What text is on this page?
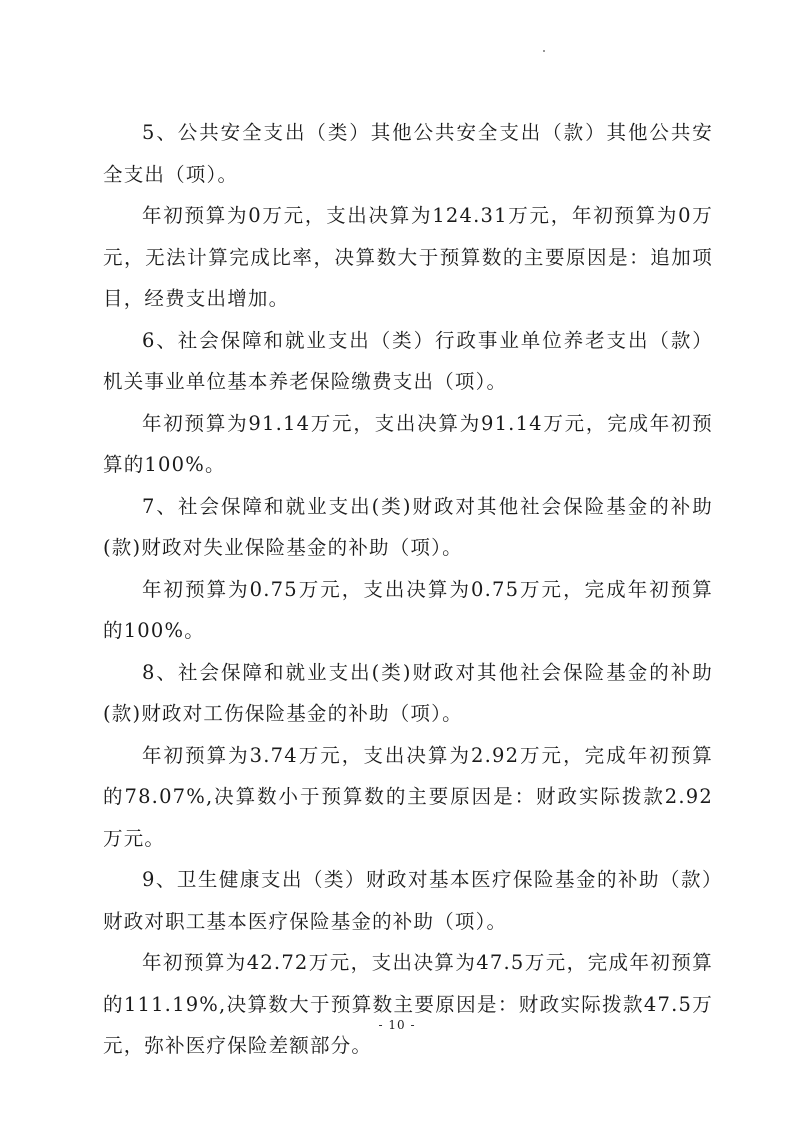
5、公共安全支出（类）其他公共安全支出（款）其他公共安全支出（项）。

年初预算为0万元，支出决算为124.31万元，年初预算为0万元，无法计算完成比率，决算数大于预算数的主要原因是：追加项目，经费支出增加。

6、社会保障和就业支出（类）行政事业单位养老支出（款）机关事业单位基本养老保险缴费支出（项）。

年初预算为91.14万元，支出决算为91.14万元，完成年初预算的100%。

7、社会保障和就业支出(类)财政对其他社会保险基金的补助(款)财政对失业保险基金的补助（项）。

年初预算为0.75万元，支出决算为0.75万元，完成年初预算的100%。

8、社会保障和就业支出(类)财政对其他社会保险基金的补助(款)财政对工伤保险基金的补助（项）。

年初预算为3.74万元，支出决算为2.92万元，完成年初预算的78.07%,决算数小于预算数的主要原因是：财政实际拨款2.92万元。

9、卫生健康支出（类）财政对基本医疗保险基金的补助（款）财政对职工基本医疗保险基金的补助（项）。

年初预算为42.72万元，支出决算为47.5万元，完成年初预算的111.19%,决算数大于预算数主要原因是：财政实际拨款47.5万元，弥补医疗保险差额部分。

- 10 -
